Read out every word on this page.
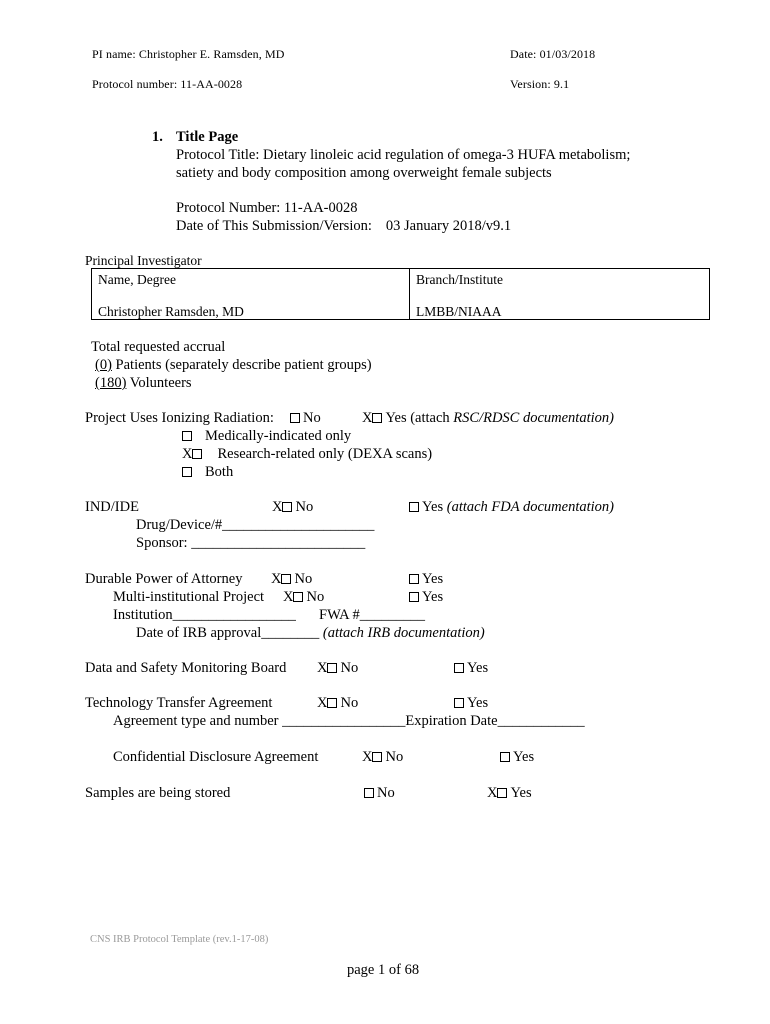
PI name: Christopher E. Ramsden, MD	Date: 01/03/2018
Protocol number: 11-AA-0028	Version: 9.1
1. Title Page
Protocol Title: Dietary linoleic acid regulation of omega-3 HUFA metabolism;
satiety and body composition among overweight female subjects
Protocol Number: 11-AA-0028
Date of This Submission/Version: 03 January 2018/v9.1
Principal Investigator
Name, Degree	Branch/Institute
Christopher Ramsden, MD	LMBB/NIAAA
Total requested accrual
(0) Patients (separately describe patient groups)
(180) Volunteers
Project Uses Ionizing Radiation:	No	X Yes (attach RSC/RDSC documentation)
Medically-indicated only
X Research-related only (DEXA scans)
Both
IND/IDE	X No	Yes (attach FDA documentation)
Drug/Device/#_____________________
Sponsor: ________________________
Durable Power of Attorney X No	Yes
Multi-institutional Project X No	Yes
Institution_________________ FWA #_________
Date of IRB approval________ (attach IRB documentation)
Data and Safety Monitoring Board X No	Yes
Technology Transfer Agreement	X No	Yes
Agreement type and number _________________Expiration Date____________
Confidential Disclosure Agreement	X No	Yes
Samples are being stored	No	X Yes
CNS IRB Protocol Template (rev.1-17-08)
page 1 of 68
